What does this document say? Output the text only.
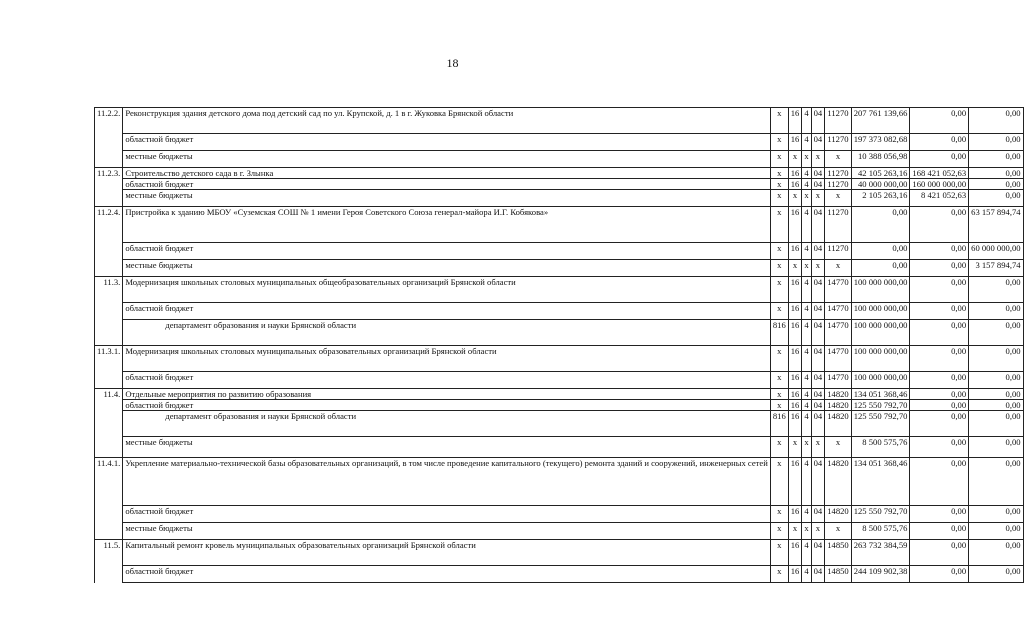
18
11.2.2.	Реконструкция здания детского дома под детский сад по ул. Крупской, д. 1 в г. Жуковка Брянской области	х	16	4	04	11270	207 761 139,66	0,00	0,00
	областной бюджет	х	16	4	04	11270	197 373 082,68	0,00	0,00
	местные бюджеты	х	х	х	х	х	10 388 056,98	0,00	0,00
11.2.3.	Строительство детского сада в г. Злынка	х	16	4	04	11270	42 105 263,16	168 421 052,63	0,00
	областной бюджет	х	16	4	04	11270	40 000 000,00	160 000 000,00	0,00
	местные бюджеты	х	х	х	х	х	2 105 263,16	8 421 052,63	0,00
11.2.4.	Пристройка к зданию МБОУ «Суземская СОШ № 1 имени Героя Советского Союза генерал-майора И.Г. Кобякова»	х	16	4	04	11270	0,00	0,00	63 157 894,74
	областной бюджет	х	16	4	04	11270	0,00	0,00	60 000 000,00
	местные бюджеты	х	х	х	х	х	0,00	0,00	3 157 894,74
11.3.	Модернизация школьных столовых муниципальных общеобразовательных организаций Брянской области	х	16	4	04	14770	100 000 000,00	0,00	0,00
	областной бюджет	х	16	4	04	14770	100 000 000,00	0,00	0,00
	департамент образования и науки Брянской области	816	16	4	04	14770	100 000 000,00	0,00	0,00
11.3.1.	Модернизация школьных столовых муниципальных образовательных организаций Брянской области	х	16	4	04	14770	100 000 000,00	0,00	0,00
	областной бюджет	х	16	4	04	14770	100 000 000,00	0,00	0,00
11.4.	Отдельные мероприятия по развитию образования	х	16	4	04	14820	134 051 368,46	0,00	0,00
	областной бюджет	х	16	4	04	14820	125 550 792,70	0,00	0,00
	департамент образования и науки Брянской области	816	16	4	04	14820	125 550 792,70	0,00	0,00
	местные бюджеты	х	х	х	х	х	8 500 575,76	0,00	0,00
11.4.1.	Укрепление материально-технической базы образовательных организаций, в том числе проведение капитального (текущего) ремонта зданий и сооружений, инженерных сетей	х	16	4	04	14820	134 051 368,46	0,00	0,00
	областной бюджет	х	16	4	04	14820	125 550 792,70	0,00	0,00
	местные бюджеты	х	х	х	х	х	8 500 575,76	0,00	0,00
11.5.	Капитальный ремонт кровель муниципальных образовательных организаций Брянской области	х	16	4	04	14850	263 732 384,59	0,00	0,00
	областной бюджет	х	16	4	04	14850	244 109 902,38	0,00	0,00
